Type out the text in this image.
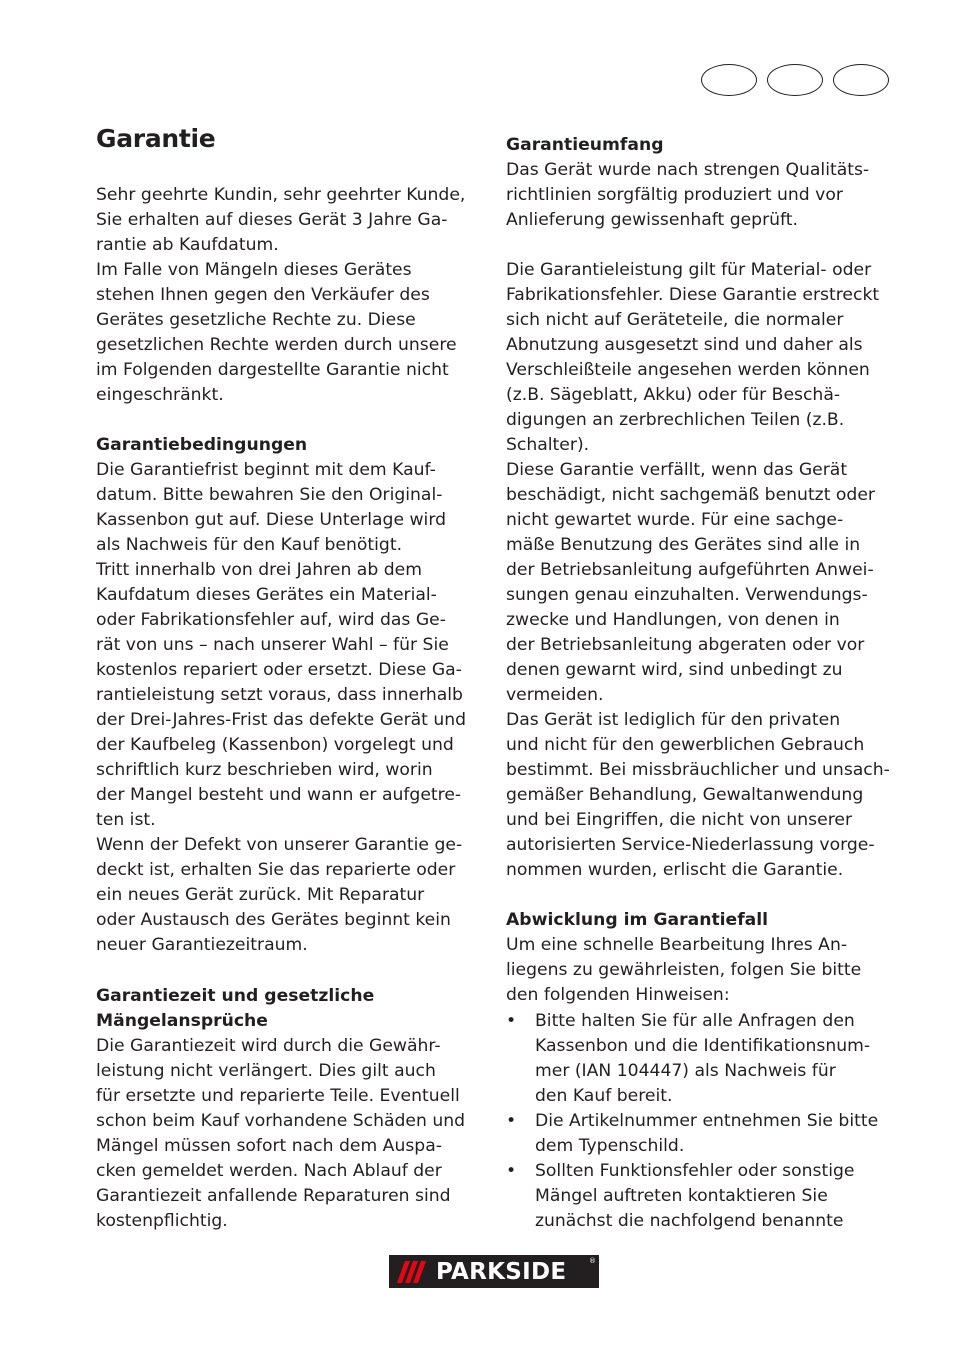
Garantie

Sehr geehrte Kundin, sehr geehrter Kunde,
Sie erhalten auf dieses Gerät 3 Jahre Ga-
rantie ab Kaufdatum.
Im Falle von Mängeln dieses Gerätes
stehen Ihnen gegen den Verkäufer des
Gerätes gesetzliche Rechte zu. Diese
gesetzlichen Rechte werden durch unsere
im Folgenden dargestellte Garantie nicht
eingeschränkt.

Garantiebedingungen

Die Garantiefrist beginnt mit dem Kauf-
datum. Bitte bewahren Sie den Original-
Kassenbon gut auf. Diese Unterlage wird
als Nachweis für den Kauf benötigt.
Tritt innerhalb von drei Jahren ab dem
Kaufdatum dieses Gerätes ein Material-
oder Fabrikationsfehler auf, wird das Ge-
rät von uns – nach unserer Wahl – für Sie
kostenlos repariert oder ersetzt. Diese Ga-
rantieleistung setzt voraus, dass innerhalb
der Drei-Jahres-Frist das defekte Gerät und
der Kaufbeleg (Kassenbon) vorgelegt und
schriftlich kurz beschrieben wird, worin
der Mangel besteht und wann er aufgetre-
ten ist.
Wenn der Defekt von unserer Garantie ge-
deckt ist, erhalten Sie das reparierte oder
ein neues Gerät zurück. Mit Reparatur
oder Austausch des Gerätes beginnt kein
neuer Garantiezeitraum.

Garantiezeit und gesetzliche
Mängelansprüche

Die Garantiezeit wird durch die Gewähr-
leistung nicht verlängert. Dies gilt auch
für ersetzte und reparierte Teile. Eventuell
schon beim Kauf vorhandene Schäden und
Mängel müssen sofort nach dem Auspa-
cken gemeldet werden. Nach Ablauf der
Garantiezeit anfallende Reparaturen sind
kostenpflichtig.

Garantieumfang

Das Gerät wurde nach strengen Qualitäts-
richtlinien sorgfältig produziert und vor
Anlieferung gewissenhaft geprüft.

Die Garantieleistung gilt für Material- oder
Fabrikationsfehler. Diese Garantie erstreckt
sich nicht auf Geräteteile, die normaler
Abnutzung ausgesetzt sind und daher als
Verschleißteile angesehen werden können
(z.B. Sägeblatt, Akku) oder für Beschä-
digungen an zerbrechlichen Teilen (z.B.
Schalter).
Diese Garantie verfällt, wenn das Gerät
beschädigt, nicht sachgemäß benutzt oder
nicht gewartet wurde. Für eine sachge-
mäße Benutzung des Gerätes sind alle in
der Betriebsanleitung aufgeführten Anwei-
sungen genau einzuhalten. Verwendungs-
zwecke und Handlungen, von denen in
der Betriebsanleitung abgeraten oder vor
denen gewarnt wird, sind unbedingt zu
vermeiden.
Das Gerät ist lediglich für den privaten
und nicht für den gewerblichen Gebrauch
bestimmt. Bei missbräuchlicher und unsach-
gemäßer Behandlung, Gewaltanwendung
und bei Eingriffen, die nicht von unserer
autorisierten Service-Niederlassung vorge-
nommen wurden, erlischt die Garantie.

Abwicklung im Garantiefall

Um eine schnelle Bearbeitung Ihres An-
liegens zu gewährleisten, folgen Sie bitte
den folgenden Hinweisen:

• Bitte halten Sie für alle Anfragen den
Kassenbon und die Identifikationsnum-
mer (IAN 104447) als Nachweis für
den Kauf bereit.
• Die Artikelnummer entnehmen Sie bitte
dem Typenschild.
• Sollten Funktionsfehler oder sonstige
Mängel auftreten kontaktieren Sie
zunächst die nachfolgend benannte
PARKSIDE	®
